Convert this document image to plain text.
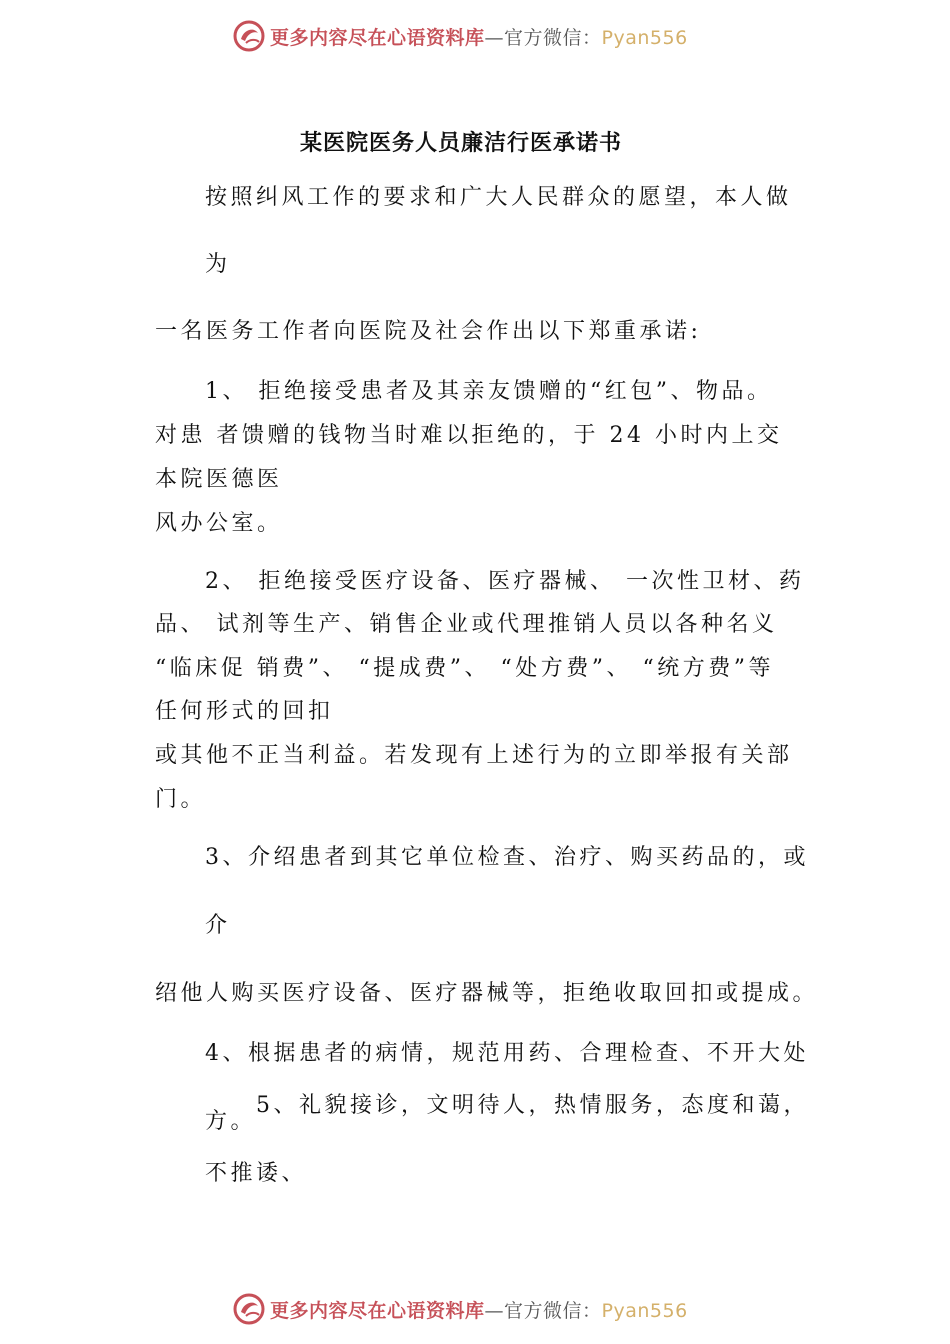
更多内容尽在心语资料库—官方微信：Pyan556
某医院医务人员廉洁行医承诺书
按照纠风工作的要求和广大人民群众的愿望，本人做
为
一名医务工作者向医院及社会作出以下郑重承诺:
1、 拒绝接受患者及其亲友馈赠的“红包”、物品。
对患 者馈赠的钱物当时难以拒绝的，于 24 小时内上交
本院医德医
风办公室。
2、 拒绝接受医疗设备、医疗器械、 一次性卫材、药
品、 试剂等生产、销售企业或代理推销人员以各种名义
“临床促 销费”、 “提成费”、 “处方费”、 “统方费”等
任何形式的回扣
或其他不正当利益。若发现有上述行为的立即举报有关部
门。
3、介绍患者到其它单位检查、治疗、购买药品的，或
介
绍他人购买医疗设备、医疗器械等，拒绝收取回扣或提成。
4、根据患者的病情，规范用药、合理检查、不开大处
方。
5、礼貌接诊，文明待人，热情服务，态度和蔼，
不推诿、
更多内容尽在心语资料库—官方微信：Pyan556
